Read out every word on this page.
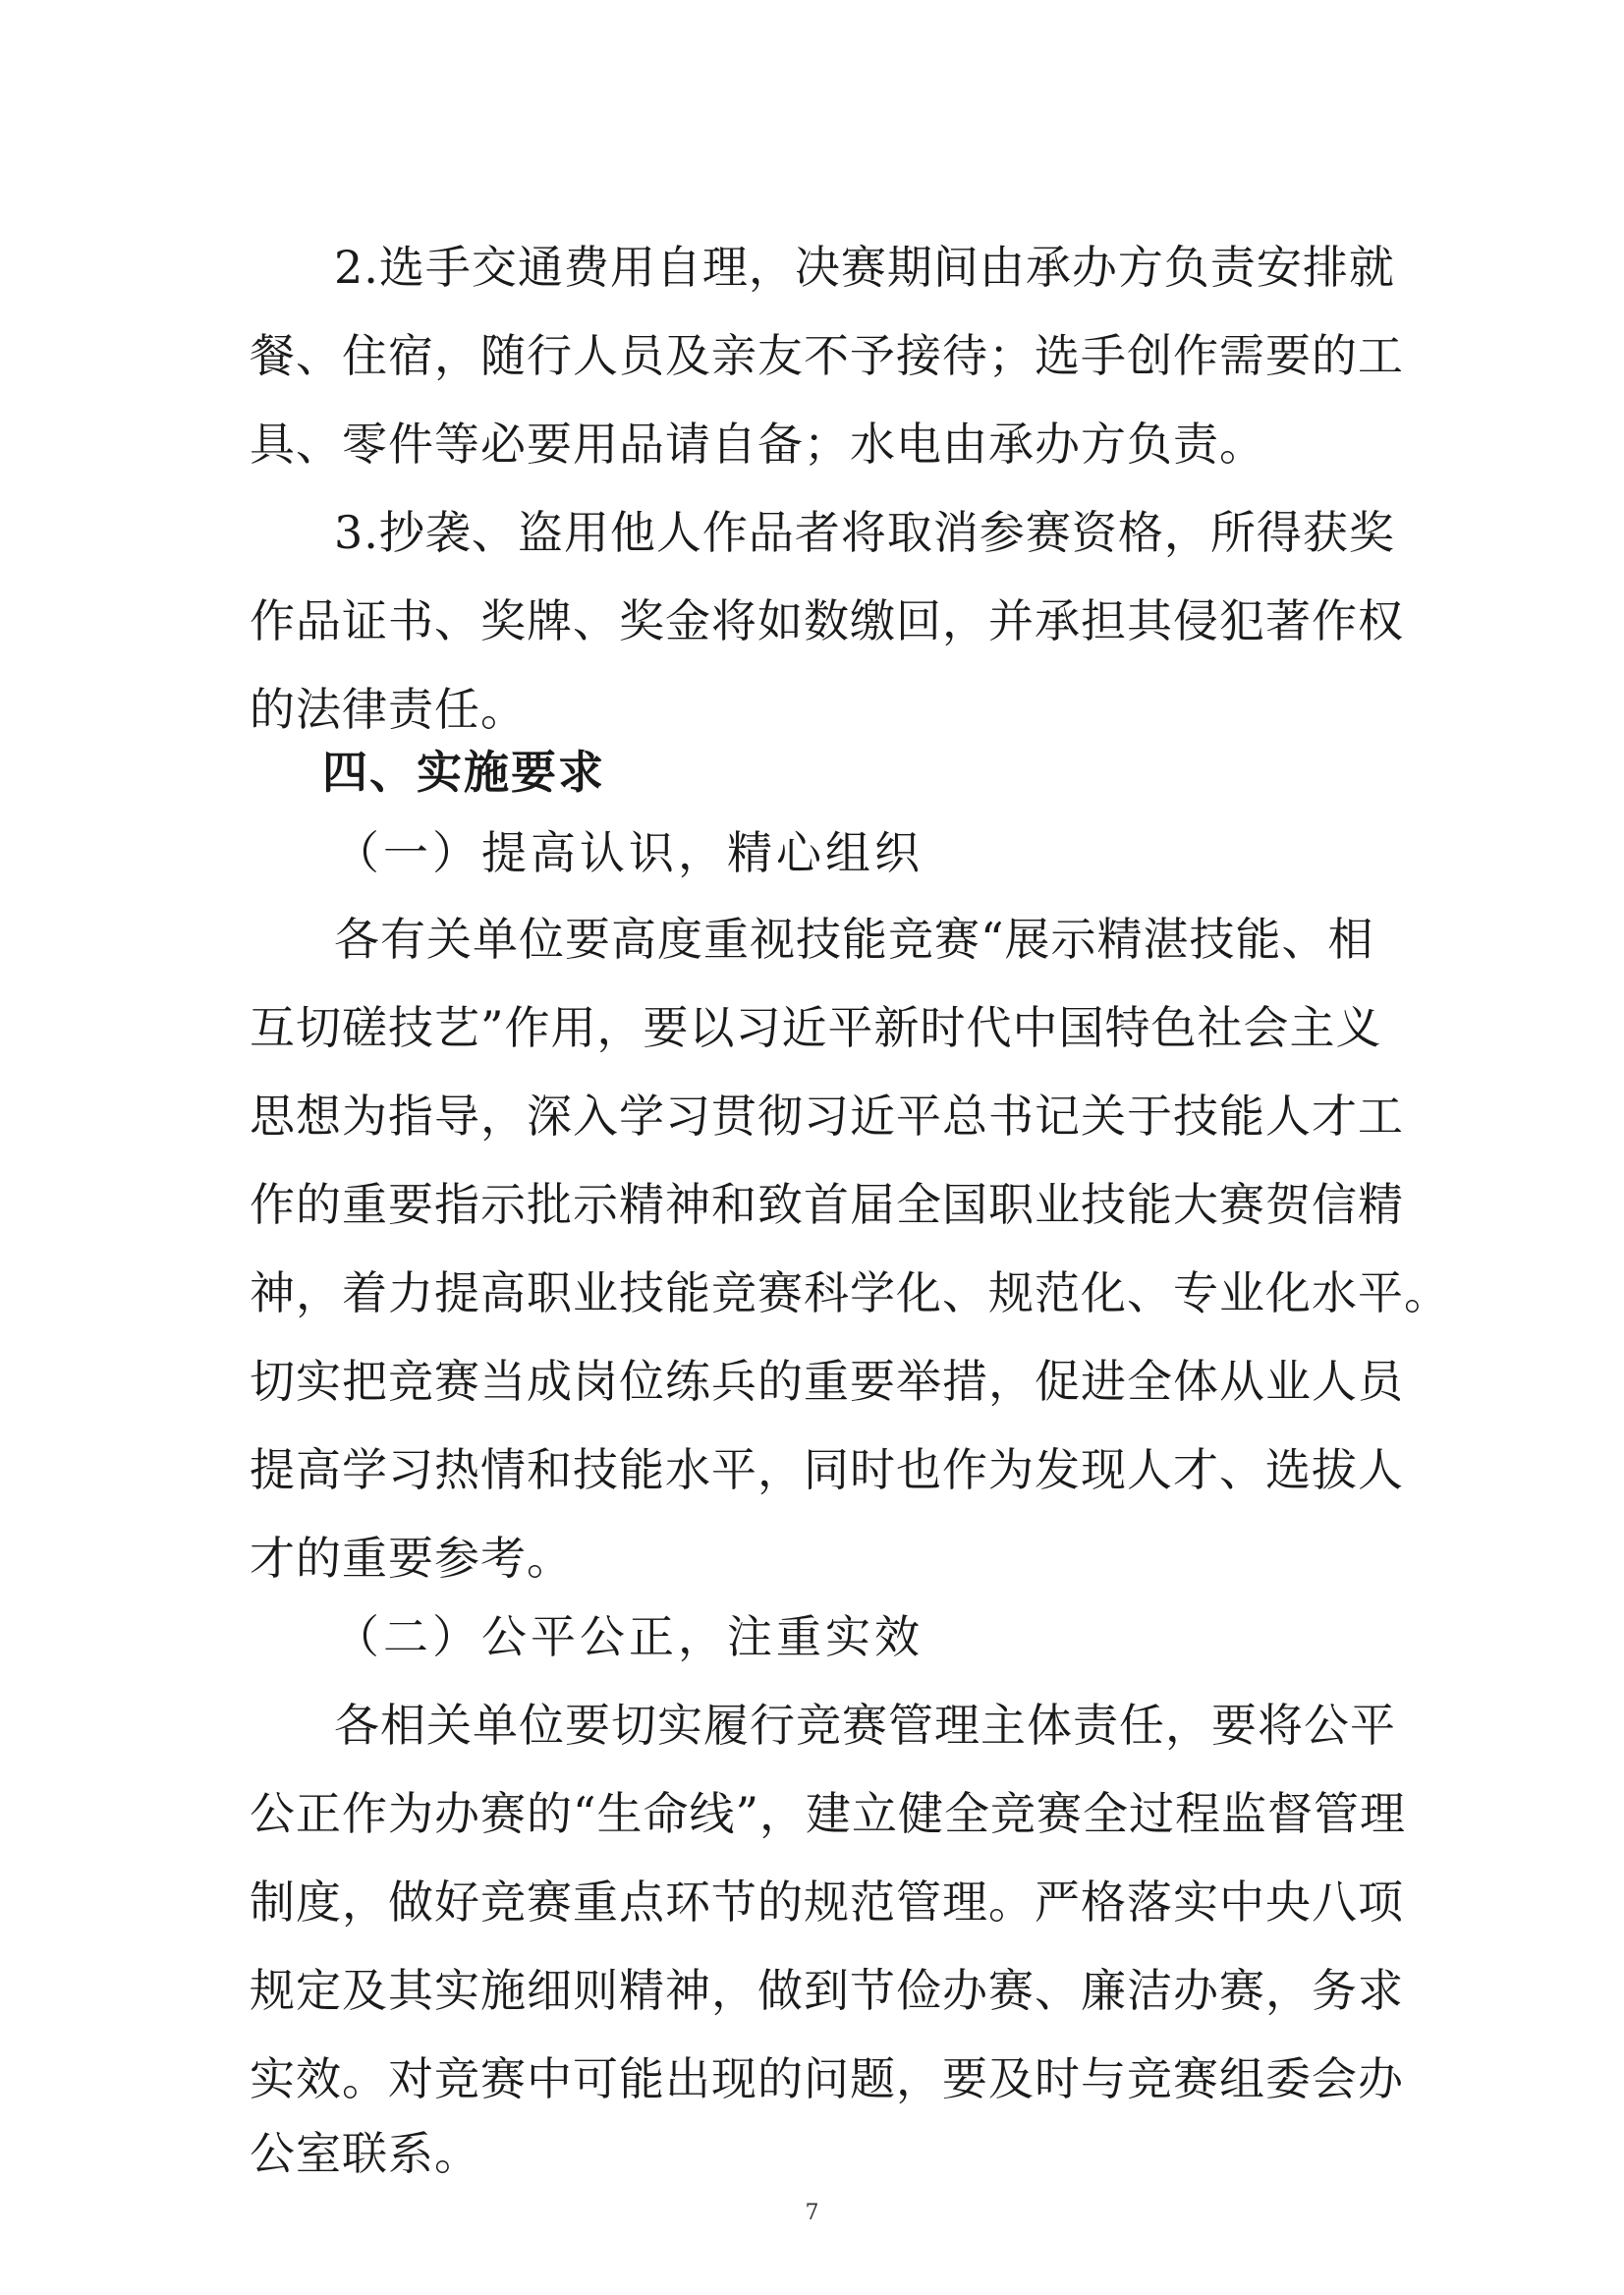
2.选手交通费用自理，决赛期间由承办方负责安排就
餐、住宿，随行人员及亲友不予接待；选手创作需要的工
具、零件等必要用品请自备；水电由承办方负责。
3.抄袭、盗用他人作品者将取消参赛资格，所得获奖
作品证书、奖牌、奖金将如数缴回，并承担其侵犯著作权
的法律责任。
四、实施要求
（一）提高认识，精心组织
各有关单位要高度重视技能竞赛“展示精湛技能、相
互切磋技艺”作用，要以习近平新时代中国特色社会主义
思想为指导，深入学习贯彻习近平总书记关于技能人才工
作的重要指示批示精神和致首届全国职业技能大赛贺信精
神，着力提高职业技能竞赛科学化、规范化、专业化水平。
切实把竞赛当成岗位练兵的重要举措，促进全体从业人员
提高学习热情和技能水平，同时也作为发现人才、选拔人
才的重要参考。
（二）公平公正，注重实效
各相关单位要切实履行竞赛管理主体责任，要将公平
公正作为办赛的“生命线”，建立健全竞赛全过程监督管理
制度，做好竞赛重点环节的规范管理。严格落实中央八项
规定及其实施细则精神，做到节俭办赛、廉洁办赛，务求
实效。对竞赛中可能出现的问题，要及时与竞赛组委会办
公室联系。
7
